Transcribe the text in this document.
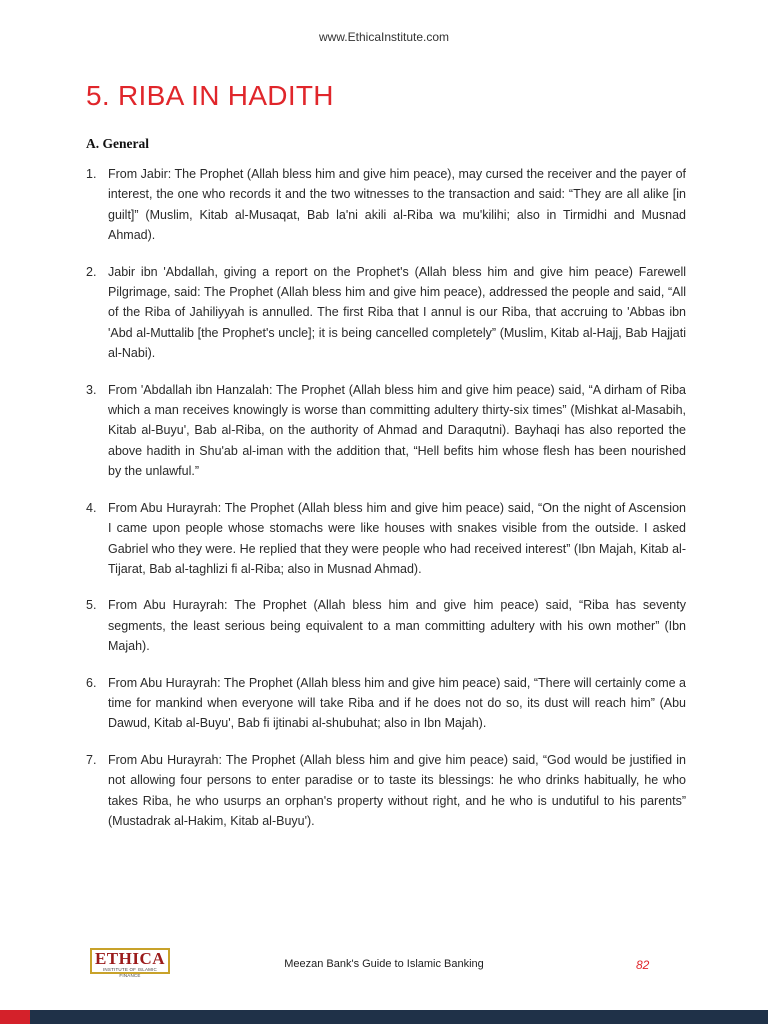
www.EthicaInstitute.com
5. RIBA IN HADITH
A. General
1. From Jabir: The Prophet (Allah bless him and give him peace), may cursed the receiver and the payer of interest, the one who records it and the two witnesses to the transaction and said: “They are all alike [in guilt]” (Muslim, Kitab al-Musaqat, Bab la'ni akili al-Riba wa mu'kilihi; also in Tirmidhi and Musnad Ahmad).
2. Jabir ibn 'Abdallah, giving a report on the Prophet's (Allah bless him and give him peace) Farewell Pilgrimage, said: The Prophet (Allah bless him and give him peace), addressed the people and said, “All of the Riba of Jahiliyyah is annulled. The first Riba that I annul is our Riba, that accruing to 'Abbas ibn 'Abd al-Muttalib [the Prophet's uncle]; it is being cancelled completely” (Muslim, Kitab al-Hajj, Bab Hajjati al-Nabi).
3. From 'Abdallah ibn Hanzalah: The Prophet (Allah bless him and give him peace) said, “A dirham of Riba which a man receives knowingly is worse than committing adultery thirty-six times” (Mishkat al-Masabih, Kitab al-Buyu', Bab al-Riba, on the authority of Ahmad and Daraqutni). Bayhaqi has also reported the above hadith in Shu'ab al-iman with the addition that, “Hell befits him whose flesh has been nourished by the unlawful.”
4. From Abu Hurayrah: The Prophet (Allah bless him and give him peace) said, “On the night of Ascension I came upon people whose stomachs were like houses with snakes visible from the outside. I asked Gabriel who they were. He replied that they were people who had received interest” (Ibn Majah, Kitab al-Tijarat, Bab al-taghlizi fi al-Riba; also in Musnad Ahmad).
5. From Abu Hurayrah: The Prophet (Allah bless him and give him peace) said, “Riba has seventy segments, the least serious being equivalent to a man committing adultery with his own mother” (Ibn Majah).
6. From Abu Hurayrah: The Prophet (Allah bless him and give him peace) said, “There will certainly come a time for mankind when everyone will take Riba and if he does not do so, its dust will reach him” (Abu Dawud, Kitab al-Buyu', Bab fi ijtinabi al-shubuhat; also in Ibn Majah).
7. From Abu Hurayrah: The Prophet (Allah bless him and give him peace) said, “God would be justified in not allowing four persons to enter paradise or to taste its blessings: he who drinks habitually, he who takes Riba, he who usurps an orphan's property without right, and he who is undutiful to his parents” (Mustadrak al-Hakim, Kitab al-Buyu').
ETHICA
INSTITUTE OF ISLAMIC FINANCE
Meezan Bank's Guide to Islamic Banking	82
